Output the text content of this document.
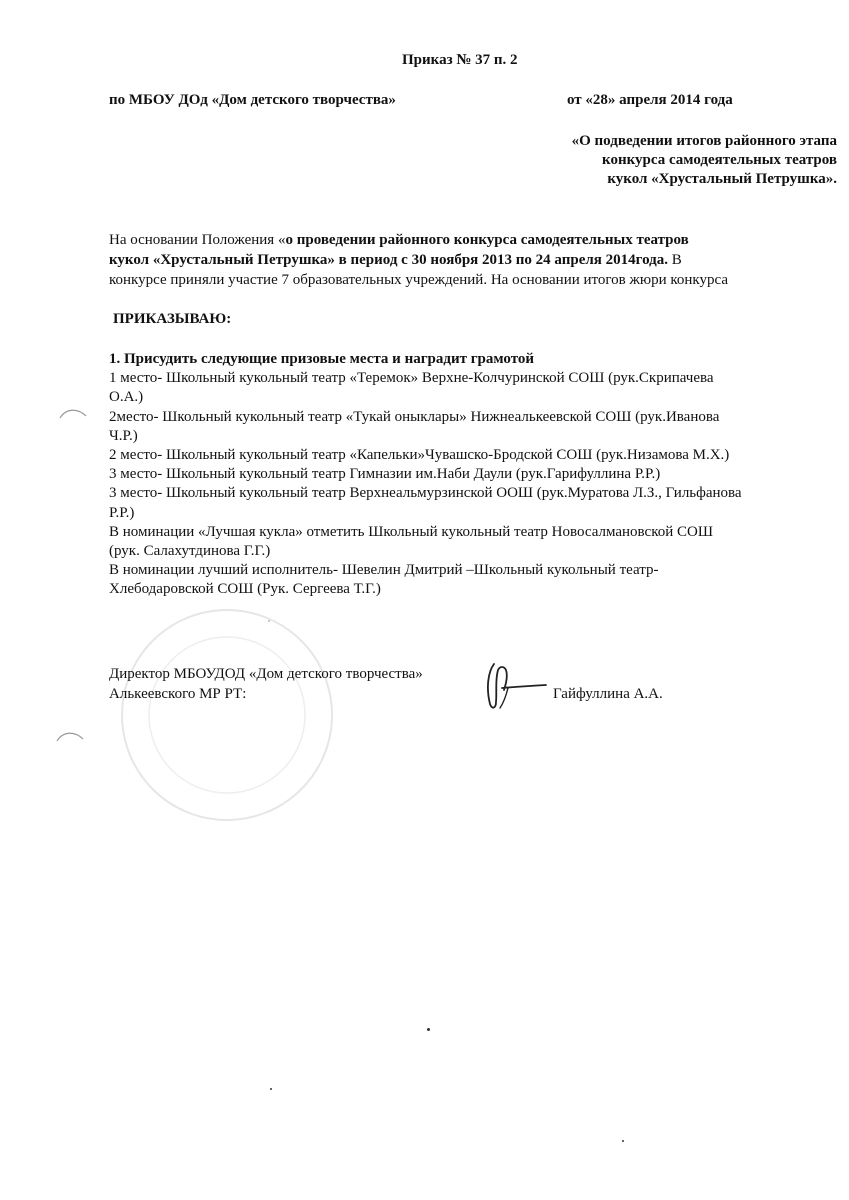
Приказ № 37 п. 2
по МБОУ ДОд «Дом детского творчества»	от «28» апреля 2014 года
«О подведении итогов районного этапа
конкурса самодеятельных театров
кукол «Хрустальный Петрушка».
На основании Положения «о проведении районного конкурса самодеятельных театров
кукол «Хрустальный Петрушка» в период с 30 ноября 2013 по 24 апреля 2014года. В
конкурсе приняли участие 7 образовательных учреждений. На основании итогов жюри конкурса
ПРИКАЗЫВАЮ:
1. Присудить следующие призовые места и наградит грамотой
1 место- Школьный кукольный театр «Теремок» Верхне-Колчуринской СОШ (рук.Скрипачева
О.А.)
2место- Школьный кукольный театр «Тукай оныклары» Нижнеалькеевской СОШ (рук.Иванова
Ч.Р.)
2 место- Школьный кукольный театр «Капельки»Чувашско-Бродской СОШ (рук.Низамова М.Х.)
3 место- Школьный кукольный театр Гимназии им.Наби Даули (рук.Гарифуллина Р.Р.)
3 место- Школьный кукольный театр Верхнеальмурзинской ООШ (рук.Муратова Л.З., Гильфанова
Р.Р.)
В номинации «Лучшая кукла» отметить Школьный кукольный театр Новосалмановской СОШ
(рук. Салахутдинова Г.Г.)
В номинации лучший исполнитель- Шевелин Дмитрий –Школьный кукольный театр-
Хлебодаровской СОШ (Рук. Сергеева Т.Г.)
Директор МБОУДОД «Дом детского творчества»
Алькеевского МР РТ:	Гайфуллина А.А.
